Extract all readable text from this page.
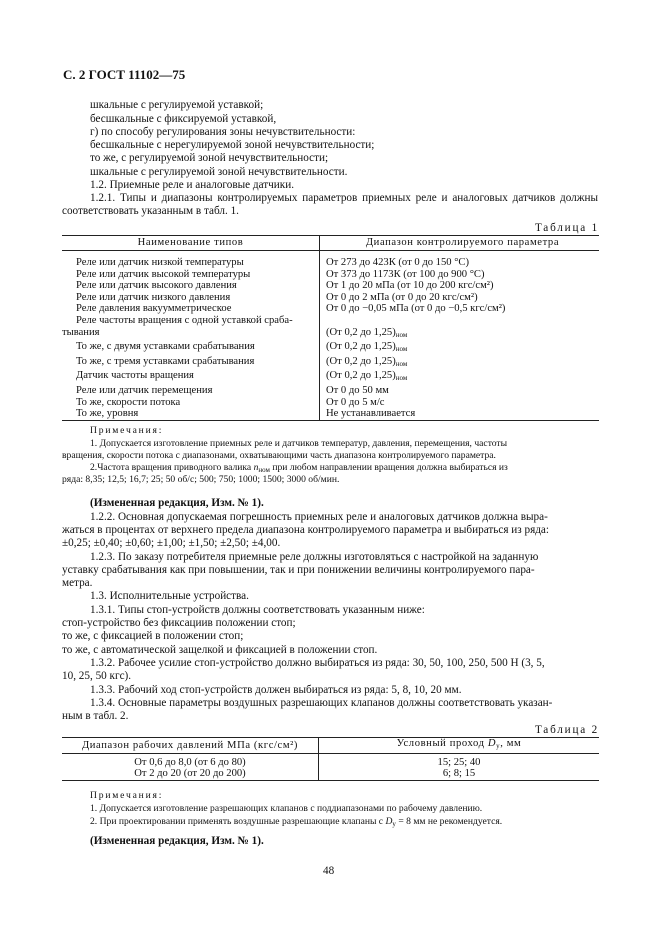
С. 2 ГОСТ 11102—75
шкальные с регулируемой уставкой;
бесшкальные с фиксируемой уставкой,
г) по способу регулирования зоны нечувствительности:
бесшкальные с нерегулируемой зоной нечувствительности;
то же, с регулируемой зоной нечувствительности;
шкальные с регулируемой зоной нечувствительности.
1.2. Приемные реле и аналоговые датчики.
1.2.1. Типы и диапазоны контролируемых параметров приемных реле и аналоговых датчиков должны соответствовать указанным в табл. 1.
Таблица 1
Наименование типов	Диапазон контролируемого параметра
Реле или датчик низкой температуры	От 273 до 423К (от 0 до 150 °С)
Реле или датчик высокой температуры	От 373 до 1173К (от 100 до 900 °С)
Реле или датчик высокого давления	От 1 до 20 мПа (от 10 до 200 кгс/см²)
Реле или датчик низкого давления	От 0 до 2 мПа (от 0 до 20 кгс/см²)
Реле давления вакуумметрическое	От 0 до −0,05 мПа (от 0 до −0,5 кгс/см²)
Реле частоты вращения с одной уставкой сраба-	
тывания	(От 0,2 до $1,25)_{ном}$
То же, с двумя уставками срабатывания	(От 0,2 до $1,25)_{ном}$
То же, с тремя уставками срабатывания	(От 0,2 до $1,25)_{ном}$
Датчик частоты вращения	(От 0,2 до $1,25)_{ном}$
Реле или датчик перемещения	От 0 до 50 мм
То же, скорости потока	От 0 до 5 м/с
То же, уровня	Не устанавливается
Примечания:
1. Допускается изготовление приемных реле и датчиков температур, давления, перемещения, частоты
вращения, скорости потока с диапазонами, охватывающими часть диапазона контролируемого параметра.
2.Частота вращения приводного валика $n_{ном}$ при любом направлении вращения должна выбираться из
ряда: 8,35; 12,5; 16,7; 25; 50 об/с; 500; 750; 1000; 1500; 3000 об/мин.
(Измененная редакция, Изм. № 1).
1.2.2. Основная допускаемая погрешность приемных реле и аналоговых датчиков должна выра-
жаться в процентах от верхнего предела диапазона контролируемого параметра и выбираться из ряда:
±0,25; ±0,40; ±0,60; ±1,00; ±1,50; ±2,50; ±4,00.
1.2.3. По заказу потребителя приемные реле должны изготовляться с настройкой на заданную
уставку срабатывания как при повышении, так и при понижении величины контролируемого пара-
метра.
1.3. Исполнительные устройства.
1.3.1. Типы стоп-устройств должны соответствовать указанным ниже:
стоп-устройство без фиксациив положении стоп;
то же, с фиксацией в положении стоп;
то же, с автоматической защелкой и фиксацией в положении стоп.
1.3.2. Рабочее усилие стоп-устройство должно выбираться из ряда: 30, 50, 100, 250, 500 Н (3, 5,
10, 25, 50 кгс).
1.3.3. Рабочий ход стоп-устройств должен выбираться из ряда: 5, 8, 10, 20 мм.
1.3.4. Основные параметры воздушных разрешающих клапанов должны соответствовать указан-
ным в табл. 2.
Таблица 2
Диапазон рабочих давлений МПа (кгс/см²)	Условный проход $D_у$, мм
От 0,6 до 8,0 (от 6 до 80)	15; 25; 40
От 2 до 20 (от 20 до 200)	6; 8; 15
Примечания:
1. Допускается изготовление разрешающих клапанов с поддиапазонами по рабочему давлению.
2. При проектировании применять воздушные разрешающие клапаны с $D_у = 8$ мм не рекомендуется.
(Измененная редакция, Изм. № 1).
48
